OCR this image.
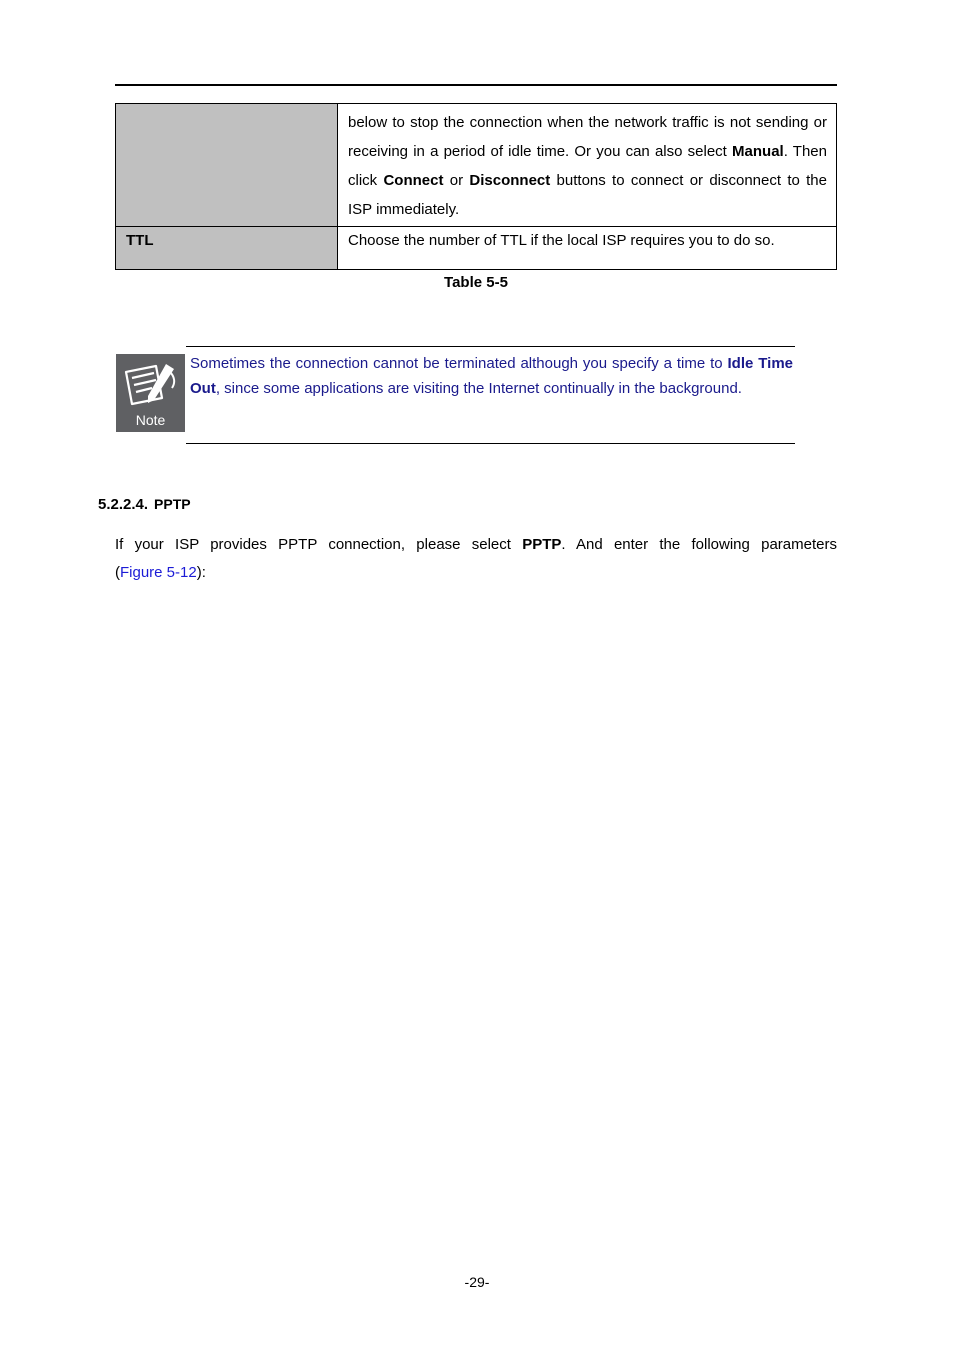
	below to stop the connection when the network traffic is not sending or receiving in a period of idle time. Or you can also select Manual. Then click Connect or Disconnect buttons to connect or disconnect to the ISP immediately.
TTL	Choose the number of TTL if the local ISP requires you to do so.
Table 5-5
Note
Sometimes the connection cannot be terminated although you specify a time to Idle Time Out, since some applications are visiting the Internet continually in the background.
5.2.2.4. PPTP
If your ISP provides PPTP connection, please select PPTP. And enter the following parameters
(Figure 5-12):
-29-
